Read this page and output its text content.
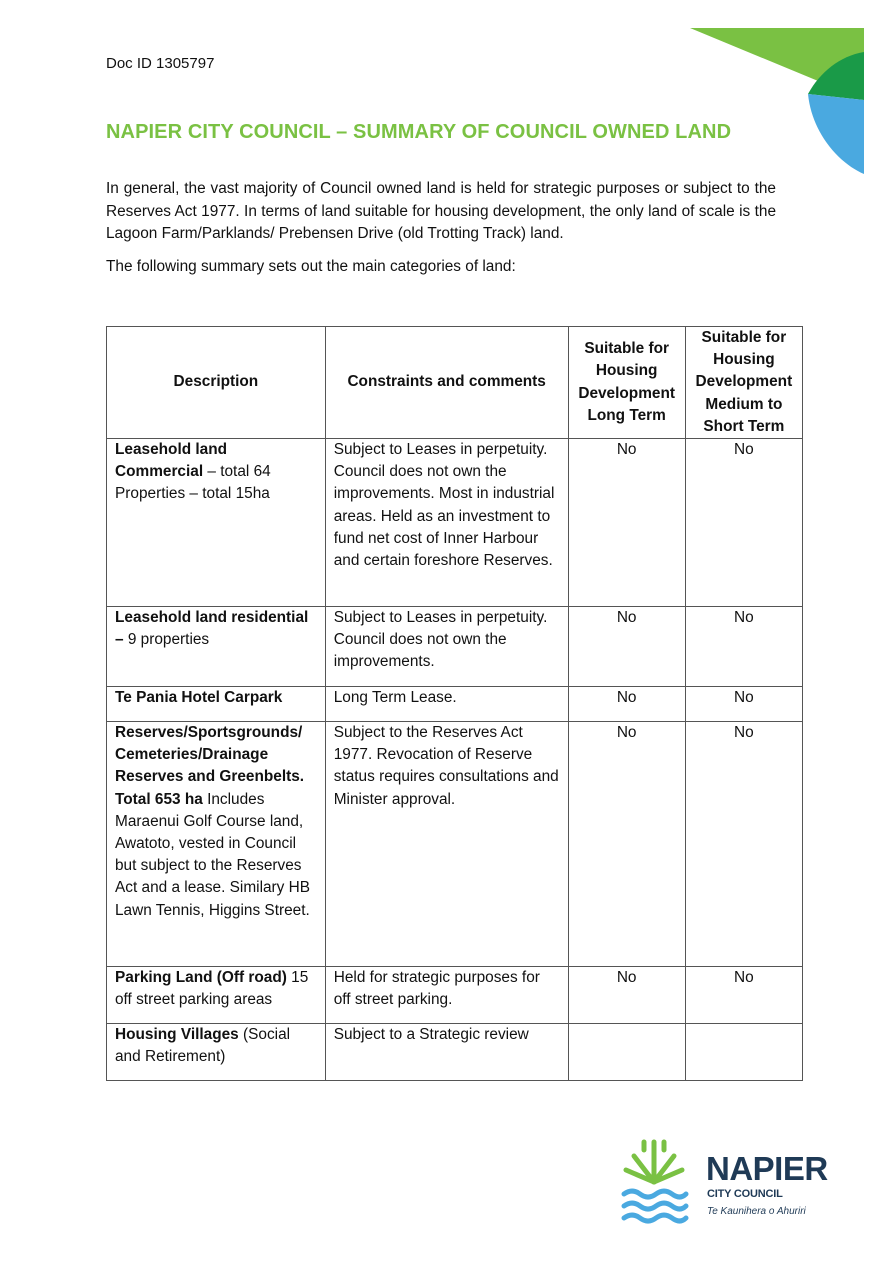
Doc ID 1305797
NAPIER CITY COUNCIL – SUMMARY OF COUNCIL OWNED LAND
In general, the vast majority of Council owned land is held for strategic purposes or subject to the Reserves Act 1977. In terms of land suitable for housing development, the only land of scale is the Lagoon Farm/Parklands/ Prebensen Drive (old Trotting Track) land.
The following summary sets out the main categories of land:
Description	Constraints and comments	Suitable for Housing Development Long Term	Suitable for Housing Development Medium to Short Term
Leasehold land Commercial – total 64 Properties – total 15ha	Subject to Leases in perpetuity. Council does not own the improvements. Most in industrial areas. Held as an investment to fund net cost of Inner Harbour and certain foreshore Reserves.	No	No
Leasehold land residential – 9 properties	Subject to Leases in perpetuity. Council does not own the improvements.	No	No
Te Pania Hotel Carpark	Long Term Lease.	No	No
Reserves/Sportsgrounds/ Cemeteries/Drainage Reserves and Greenbelts. Total 653 ha Includes Maraenui Golf Course land, Awatoto, vested in Council but subject to the Reserves Act and a lease. Similary HB Lawn Tennis, Higgins Street.	Subject to the Reserves Act 1977. Revocation of Reserve status requires consultations and Minister approval.	No	No
Parking Land (Off road) 15 off street parking areas	Held for strategic purposes for off street parking.	No	No
Housing Villages (Social and Retirement)	Subject to a Strategic review		
NAPIER
CITY COUNCIL
Te Kaunihera o Ahuriri
